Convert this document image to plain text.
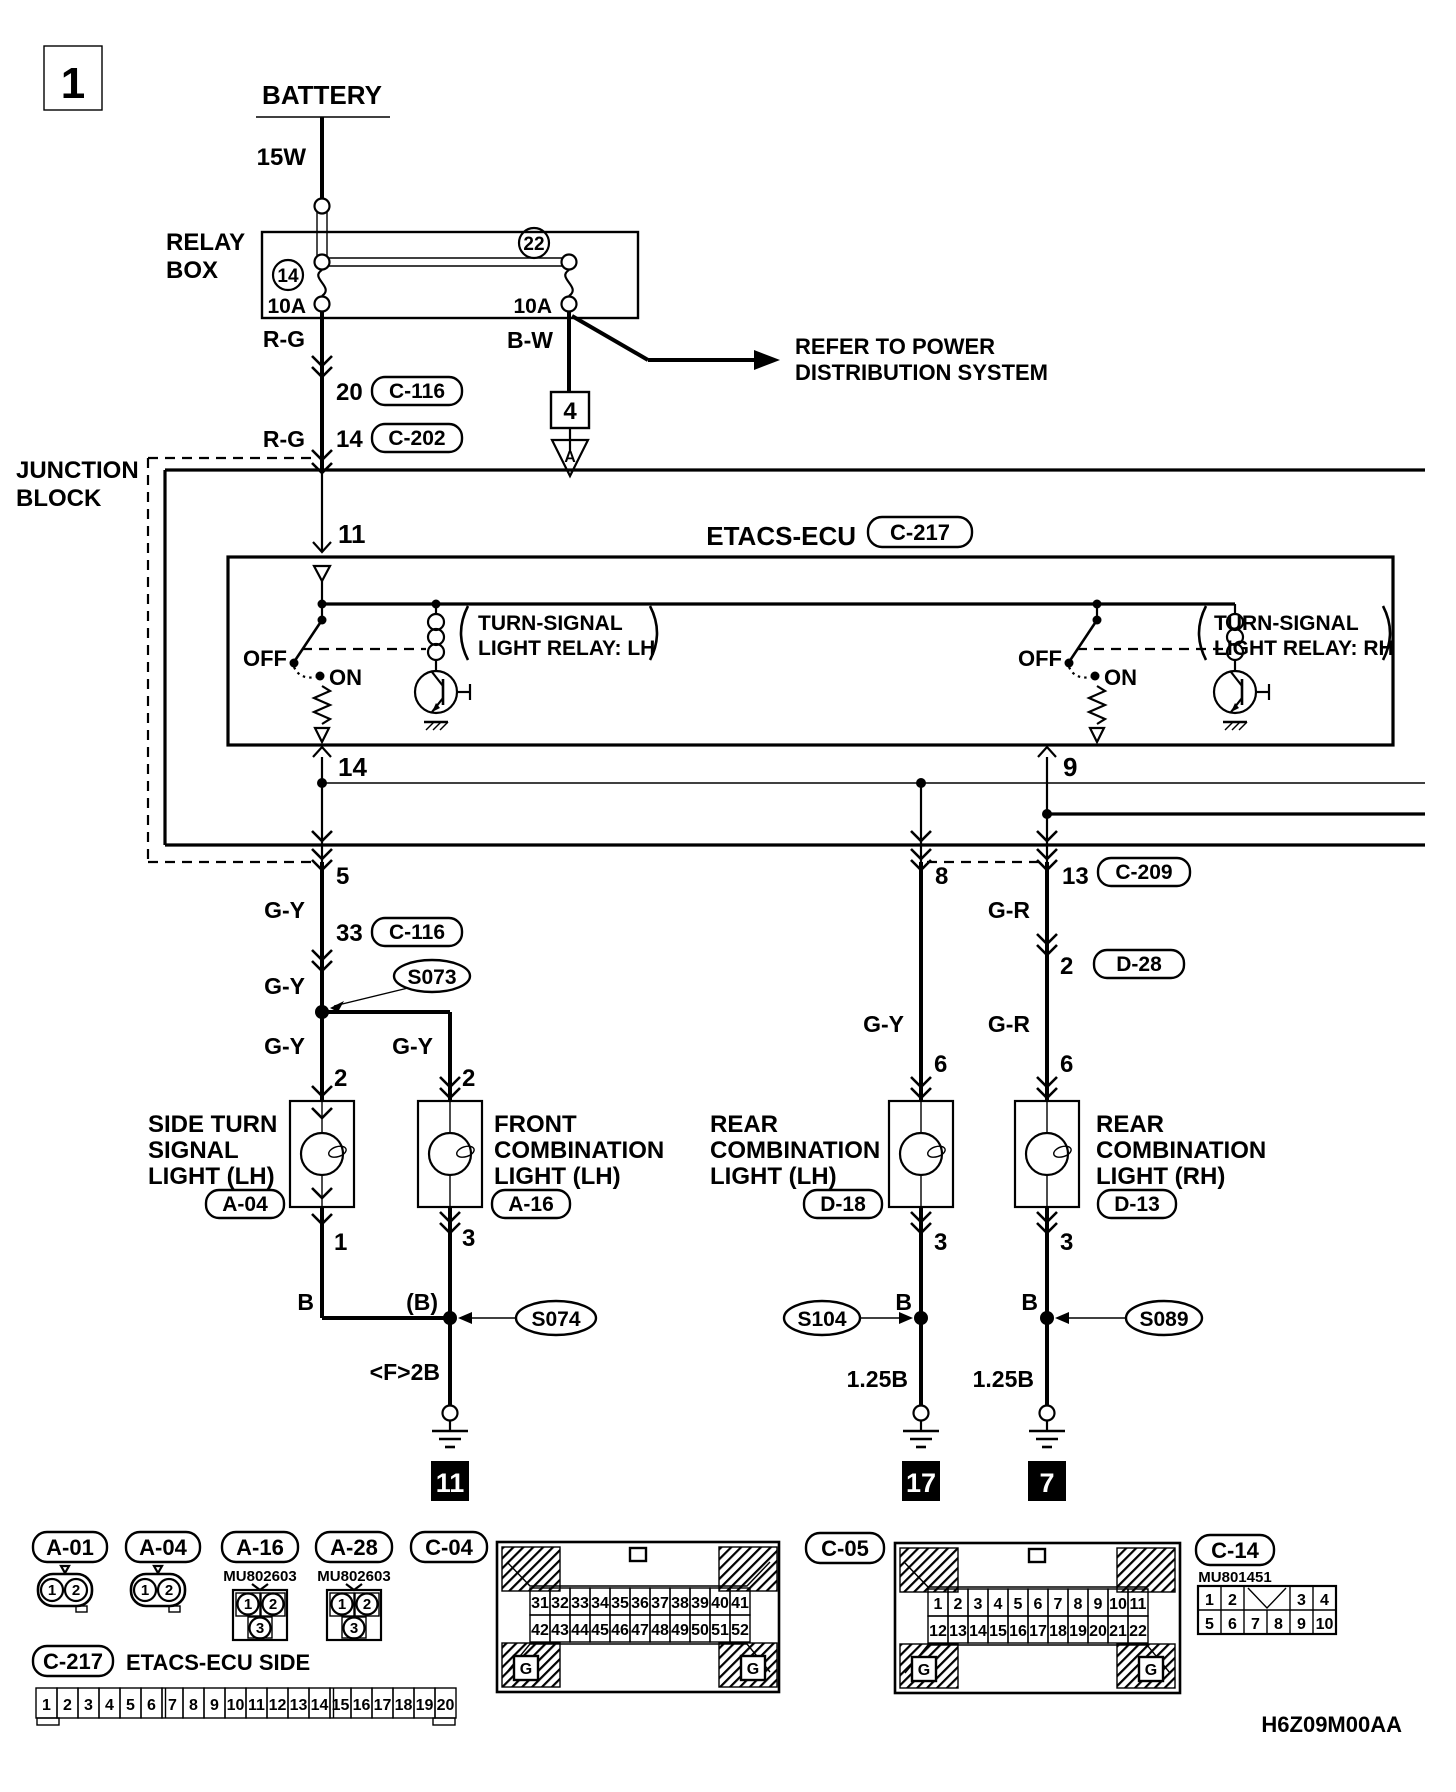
1	BATTERY
15W
RELAY
BOX	14
10A
22
10A
REFER TO POWER
DISTRIBUTION SYSTEM
B-W
4
A
R-G
20 C-116
R-G 14 C-202
JUNCTION
BLOCK
11	ETACS-ECU C-217
OFF
ON
TURN-SIGNAL
LIGHT RELAY: LH	OFF
ON
TURN-SIGNAL
LIGHT RELAY: RH
14	9
5
G-Y
33 C-116
G-Y	S073
G-Y	G-Y
2	2
SIDE TURN
SIGNAL
LIGHT (LH)
A-04
FRONT
COMBINATION
LIGHT (LH)
A-16
1	3
B	(B)
S074
<F>2B
11
8
G-Y
6
REAR
COMBINATION
LIGHT (LH)
D-18
3
B
S104
1.25B
17
13 C-209
G-R
2 D-28
G-R
6
REAR
COMBINATION
LIGHT (RH)
D-13
3
B
S089
1.25B
7
A-01 A-04 A-16 A-28 C-04
1 2	1 2
MU802603
1 2
3
MU802603
1 2
3
C-217 ETACS-ECU SIDE
1 2 3 4 5 6 7 8 9 10 11 12 13 14 15 16 17 18 19 20
31 32 33 34 35 36 37 38 39 40 41
42 43 44 45 46 47 48 49 50 51 52
G	G
C-05
1 2 3 4 5 6 7 8 9 10 11
12 13 14 15 16 17 18 19 20 21 22
G	G
C-14
MU801451
1 2	3 4
5 6 7 8 9 10
H6Z09M00AA
